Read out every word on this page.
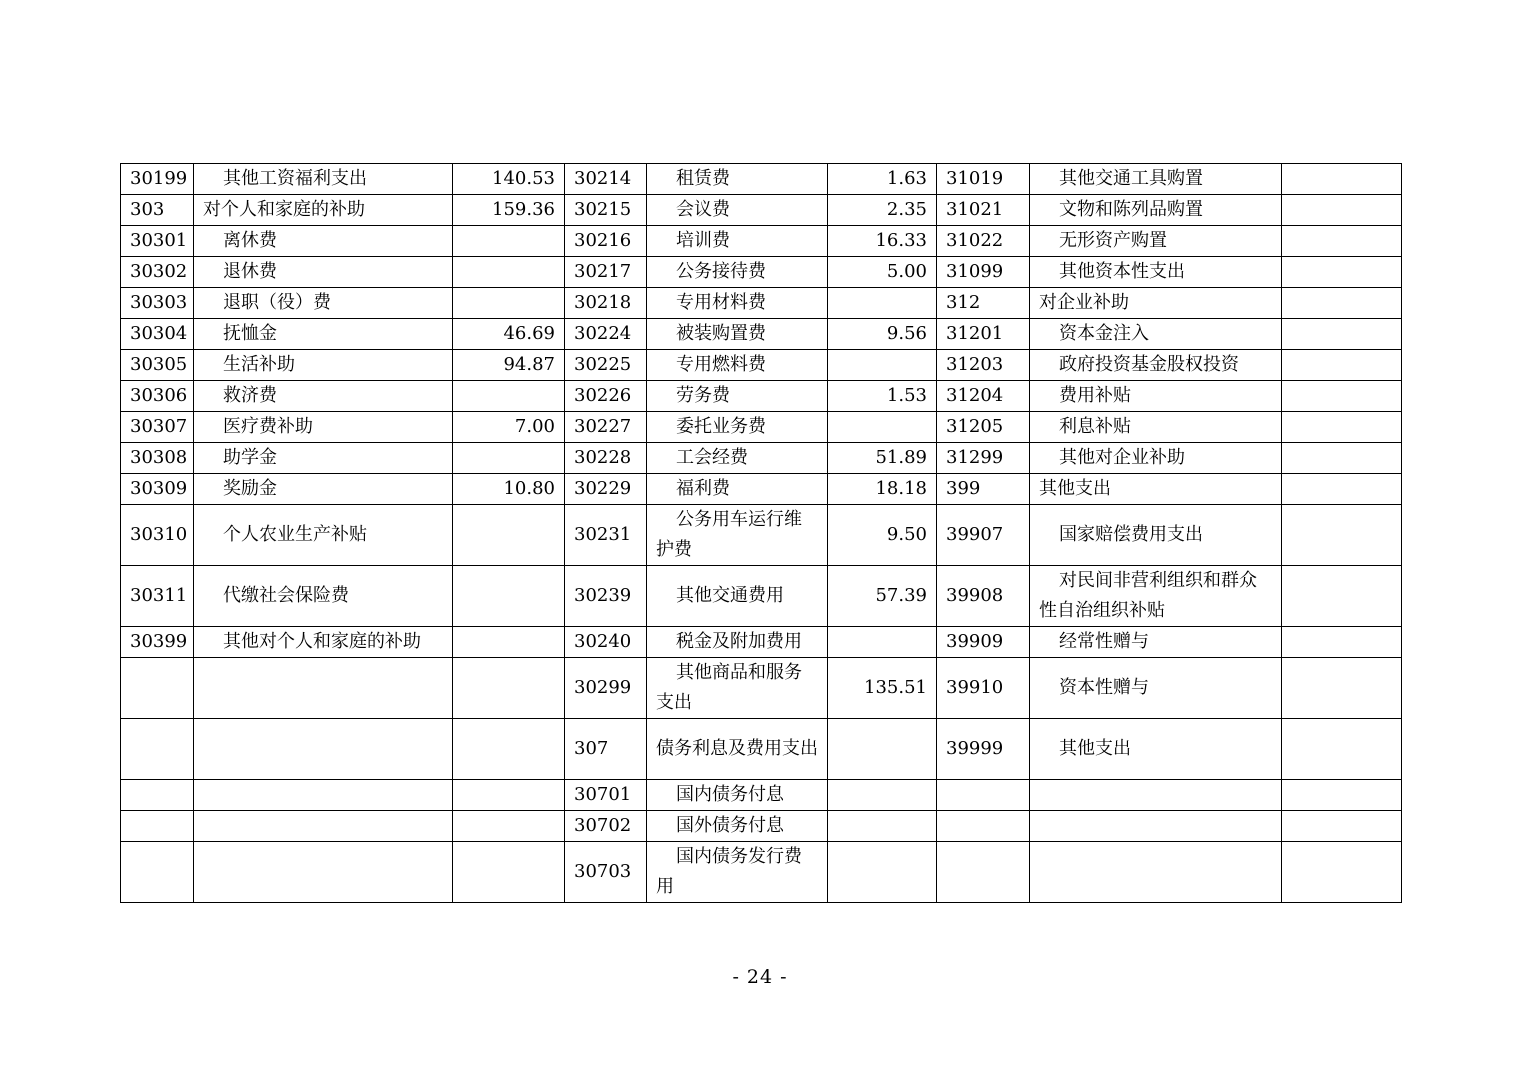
30199	其他工资福利支出	140.53	30214	租赁费	1.63	31019	其他交通工具购置	
303	对个人和家庭的补助	159.36	30215	会议费	2.35	31021	文物和陈列品购置	
30301	离休费		30216	培训费	16.33	31022	无形资产购置	
30302	退休费		30217	公务接待费	5.00	31099	其他资本性支出	
30303	退职（役）费		30218	专用材料费		312	对企业补助	
30304	抚恤金	46.69	30224	被装购置费	9.56	31201	资本金注入	
30305	生活补助	94.87	30225	专用燃料费		31203	政府投资基金股权投资	
30306	救济费		30226	劳务费	1.53	31204	费用补贴	
30307	医疗费补助	7.00	30227	委托业务费		31205	利息补贴	
30308	助学金		30228	工会经费	51.89	31299	其他对企业补助	
30309	奖励金	10.80	30229	福利费	18.18	399	其他支出	
30310	个人农业生产补贴		30231	公务用车运行维护费	9.50	39907	国家赔偿费用支出	
30311	代缴社会保险费		30239	其他交通费用	57.39	39908	对民间非营利组织和群众性自治组织补贴	
30399	其他对个人和家庭的补助		30240	税金及附加费用		39909	经常性赠与	
			30299	其他商品和服务支出	135.51	39910	资本性赠与	
			307	债务利息及费用支出		39999	其他支出	
			30701	国内债务付息				
			30702	国外债务付息				
			30703	国内债务发行费用				
- 24 -
